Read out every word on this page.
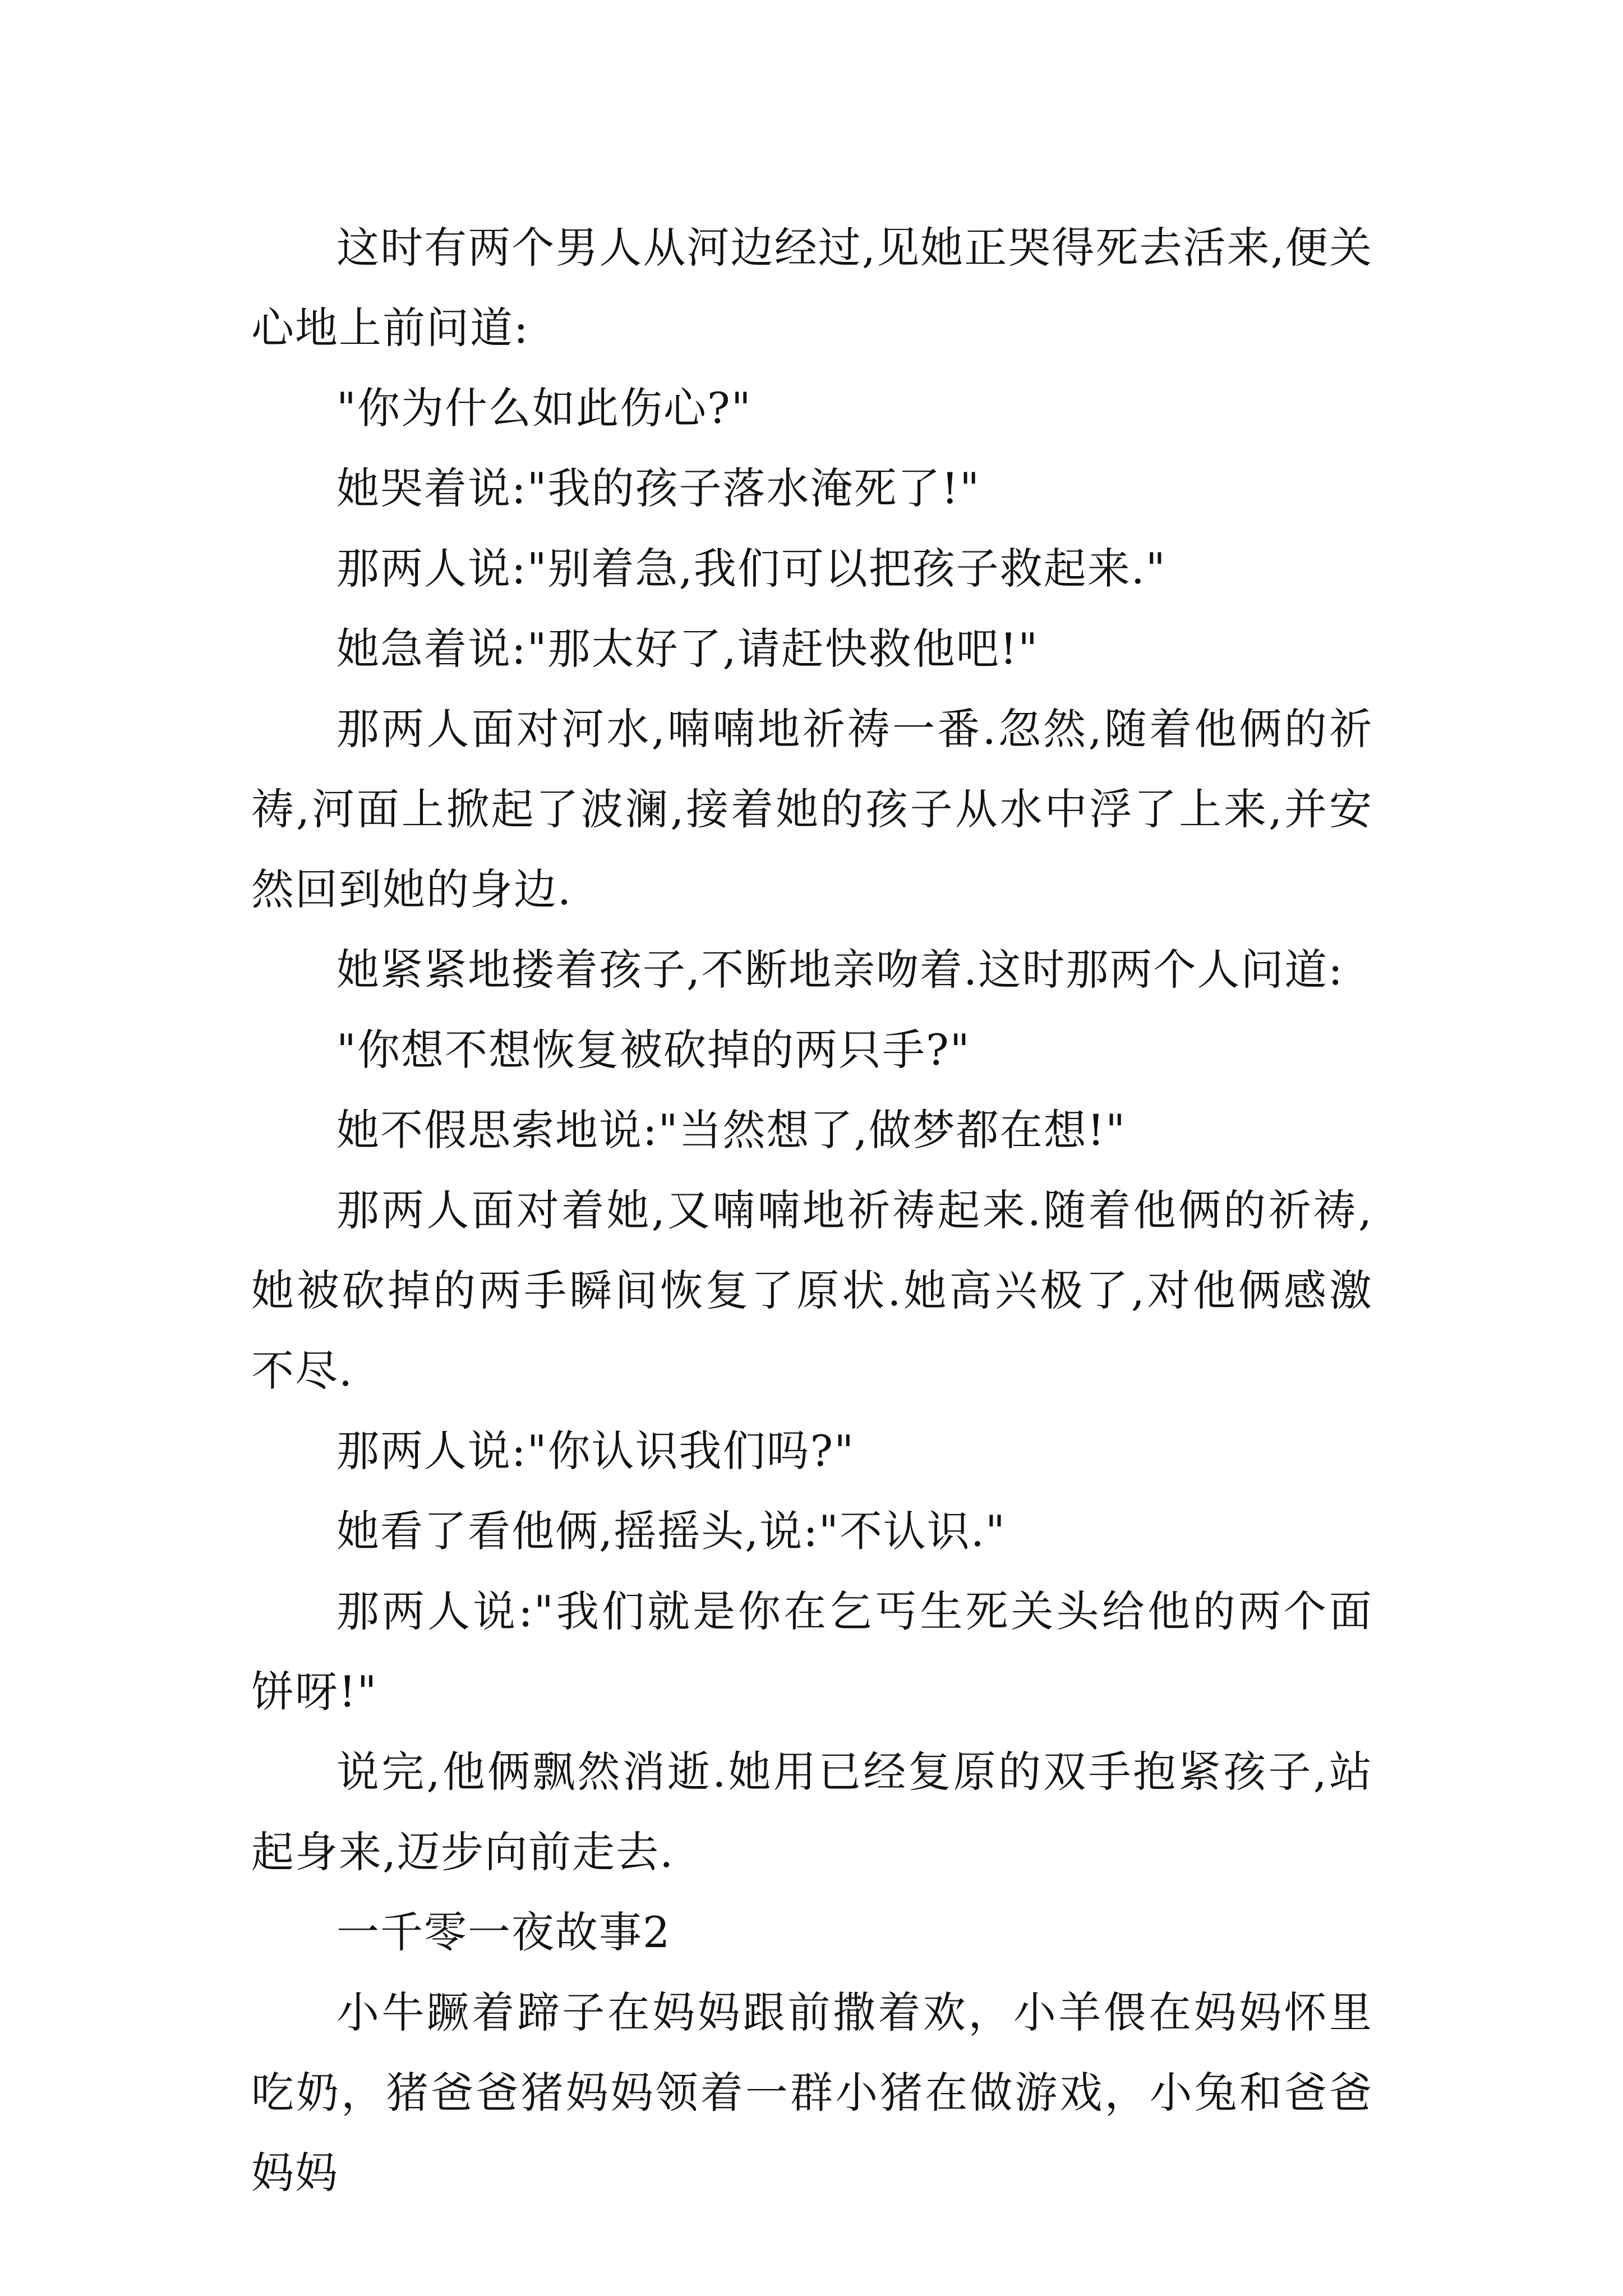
这时有两个男人从河边经过,见她正哭得死去活来,便关心地上前问道:

"你为什么如此伤心?"

她哭着说:"我的孩子落水淹死了!"

那两人说:"别着急,我们可以把孩子救起来."

她急着说:"那太好了,请赶快救他吧!"

那两人面对河水,喃喃地祈祷一番.忽然,随着他俩的祈祷,河面上掀起了波澜,接着她的孩子从水中浮了上来,并安然回到她的身边.

她紧紧地搂着孩子,不断地亲吻着.这时那两个人问道:

"你想不想恢复被砍掉的两只手?"

她不假思索地说:"当然想了,做梦都在想!"

那两人面对着她,又喃喃地祈祷起来.随着他俩的祈祷,她被砍掉的两手瞬间恢复了原状.她高兴极了,对他俩感激不尽.

那两人说:"你认识我们吗?"

她看了看他俩,摇摇头,说:"不认识."

那两人说:"我们就是你在乞丐生死关头给他的两个面饼呀!"

说完,他俩飘然消逝.她用已经复原的双手抱紧孩子,站起身来,迈步向前走去.

一千零一夜故事2

小牛蹶着蹄子在妈妈跟前撒着欢，小羊偎在妈妈怀里吃奶，猪爸爸猪妈妈领着一群小猪在做游戏，小兔和爸爸妈妈
